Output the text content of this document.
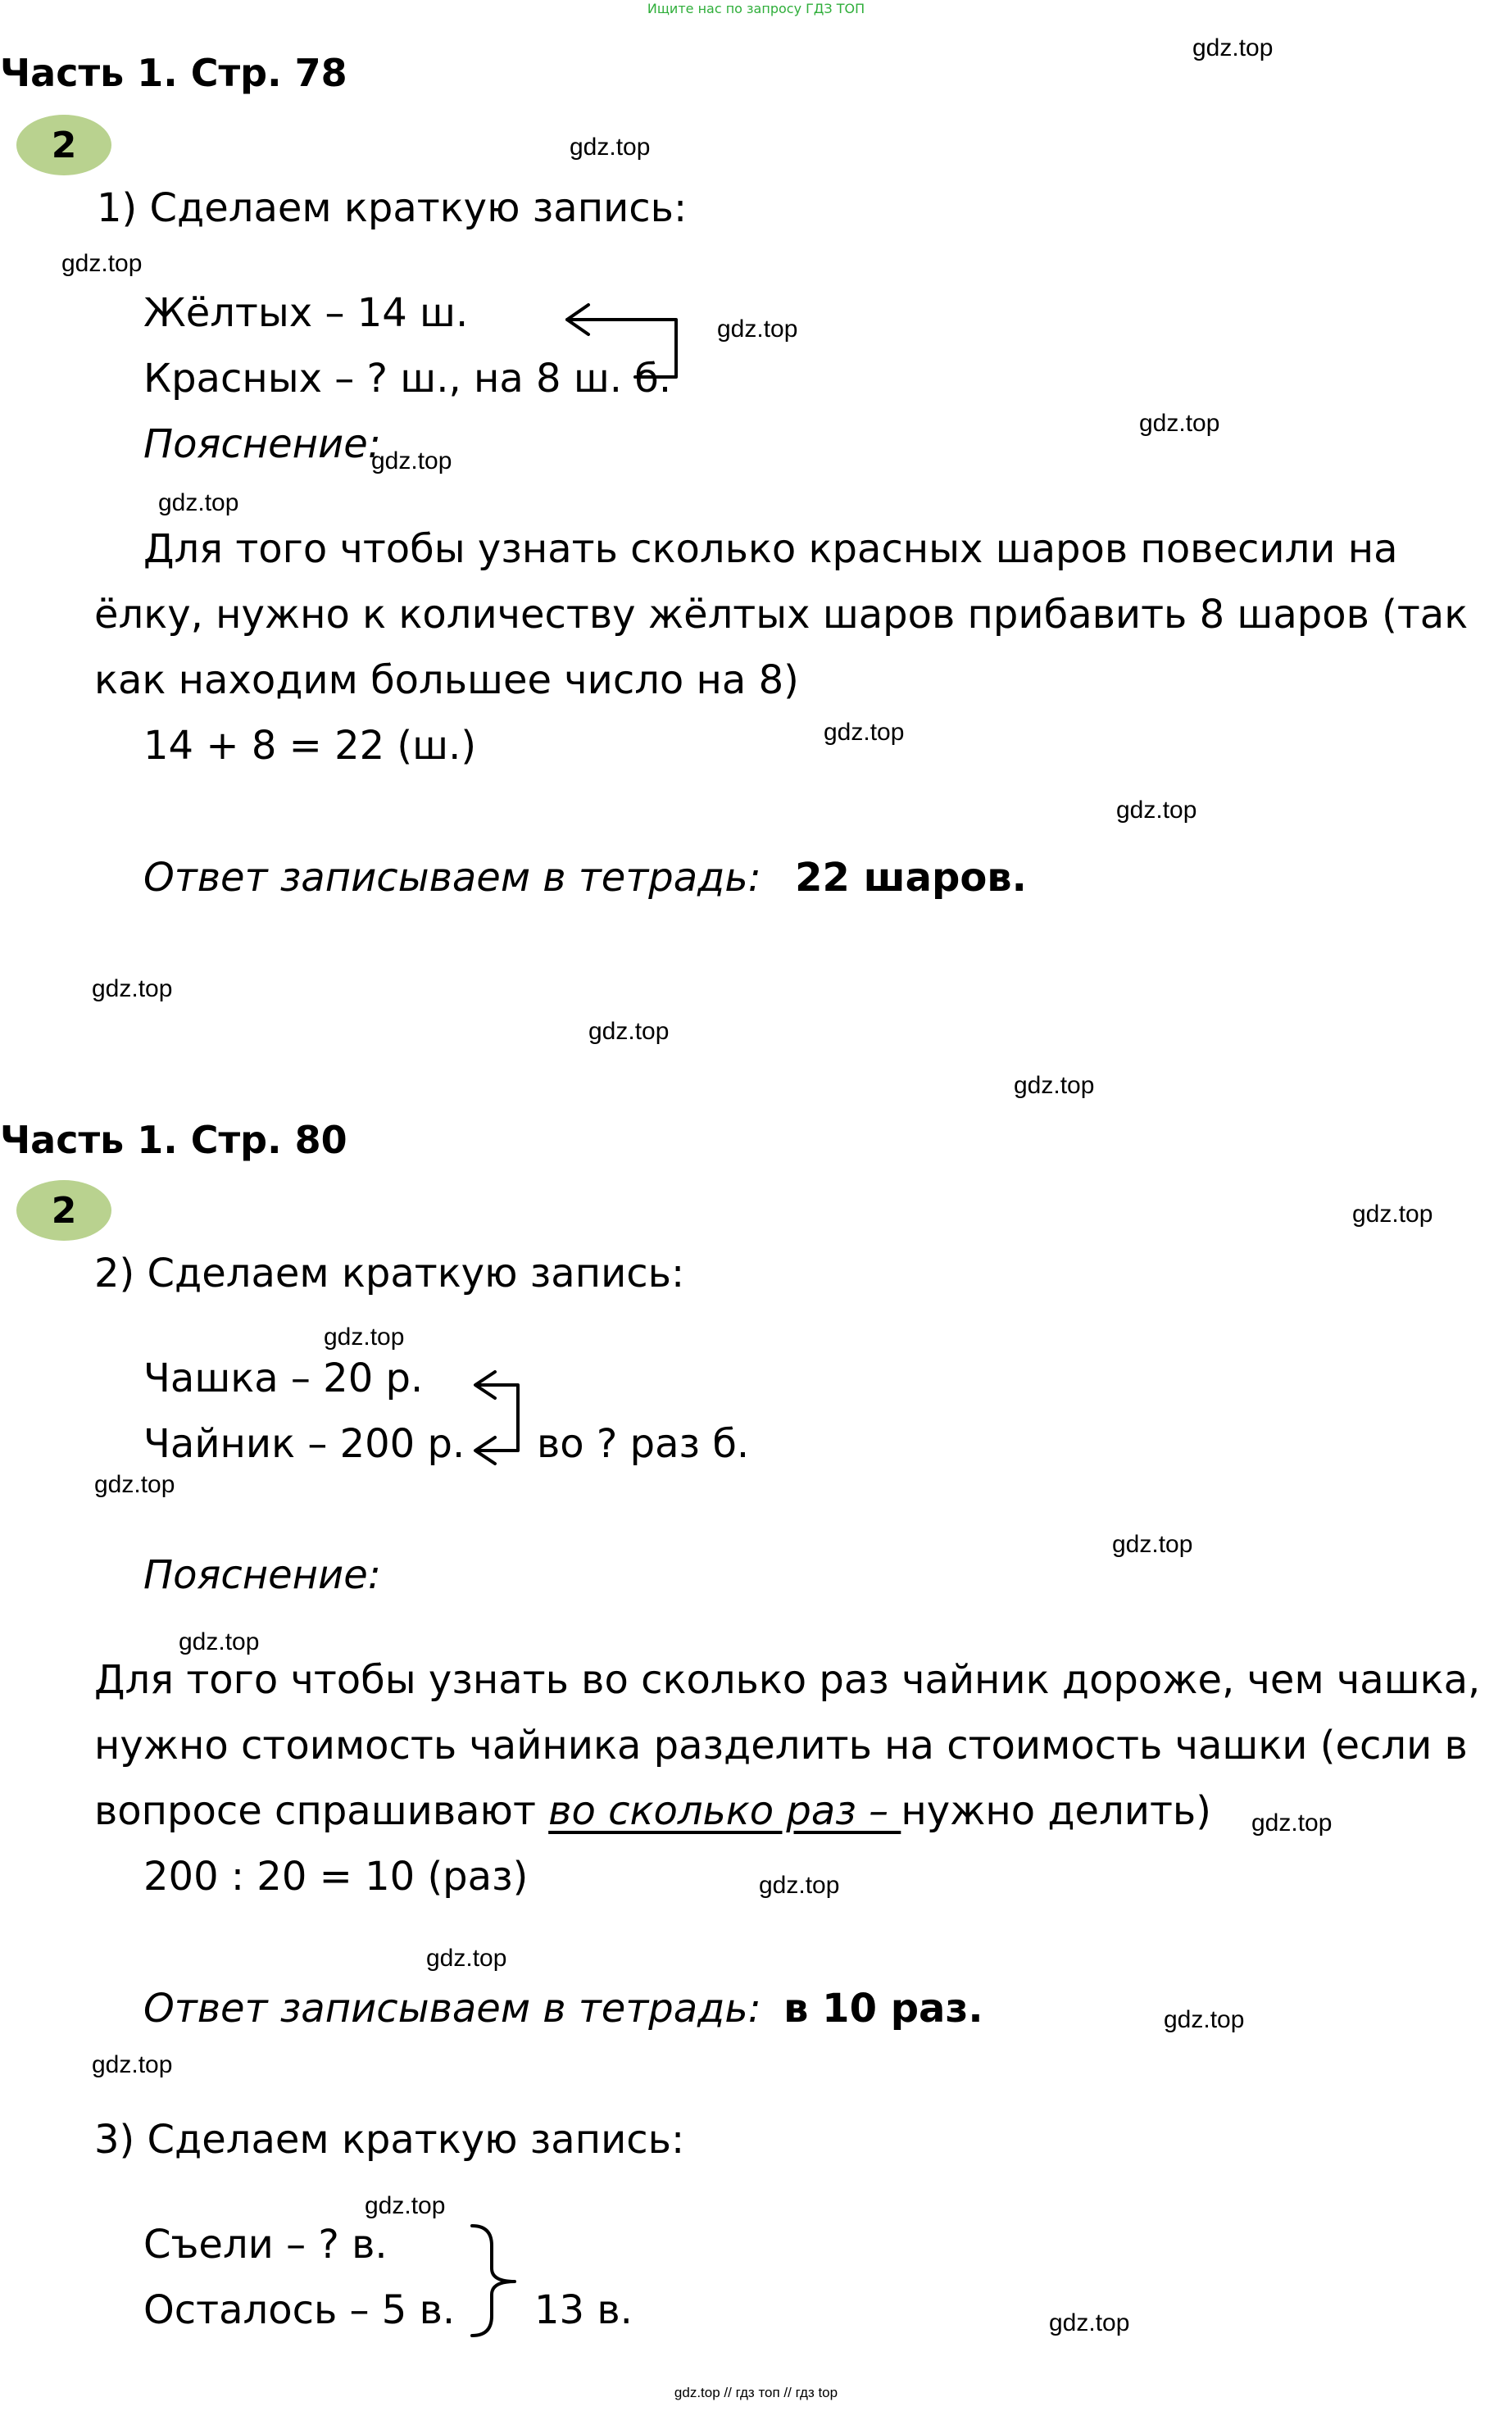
Ищите нас по запросу ГДЗ ТОП
Часть 1. Стр. 78
2
1) Сделаем краткую запись:
Жёлтых – 14 ш.
Красных – ? ш., на 8 ш. б.
Пояснение:
Для того чтобы узнать сколько красных шаров повесили на
ёлку, нужно к количеству жёлтых шаров прибавить 8 шаров (так
как находим большее число на 8)
14 + 8 = 22 (ш.)
Ответ записываем в тетрадь: 22 шаров.
Часть 1. Стр. 80
2
2) Сделаем краткую запись:
Чашка – 20 р.
Чайник – 200 р. во ? раз б.
Пояснение:
Для того чтобы узнать во сколько раз чайник дороже, чем чашка,
нужно стоимость чайника разделить на стоимость чашки (если в
вопросе спрашивают во сколько раз – нужно делить)
200 : 20 = 10 (раз)
Ответ записываем в тетрадь: в 10 раз.
3) Сделаем краткую запись:
Съели – ? в.
Осталось – 5 в. 13 в.
gdz.top
gdz.top
gdz.top
gdz.top
gdz.top
gdz.top
gdz.top
gdz.top
gdz.top
gdz.top
gdz.top
gdz.top
gdz.top
gdz.top
gdz.top
gdz.top
gdz.top
gdz.top
gdz.top
gdz.top
gdz.top
gdz.top
gdz.top
gdz.top
gdz.top // гдз топ // гдз top
